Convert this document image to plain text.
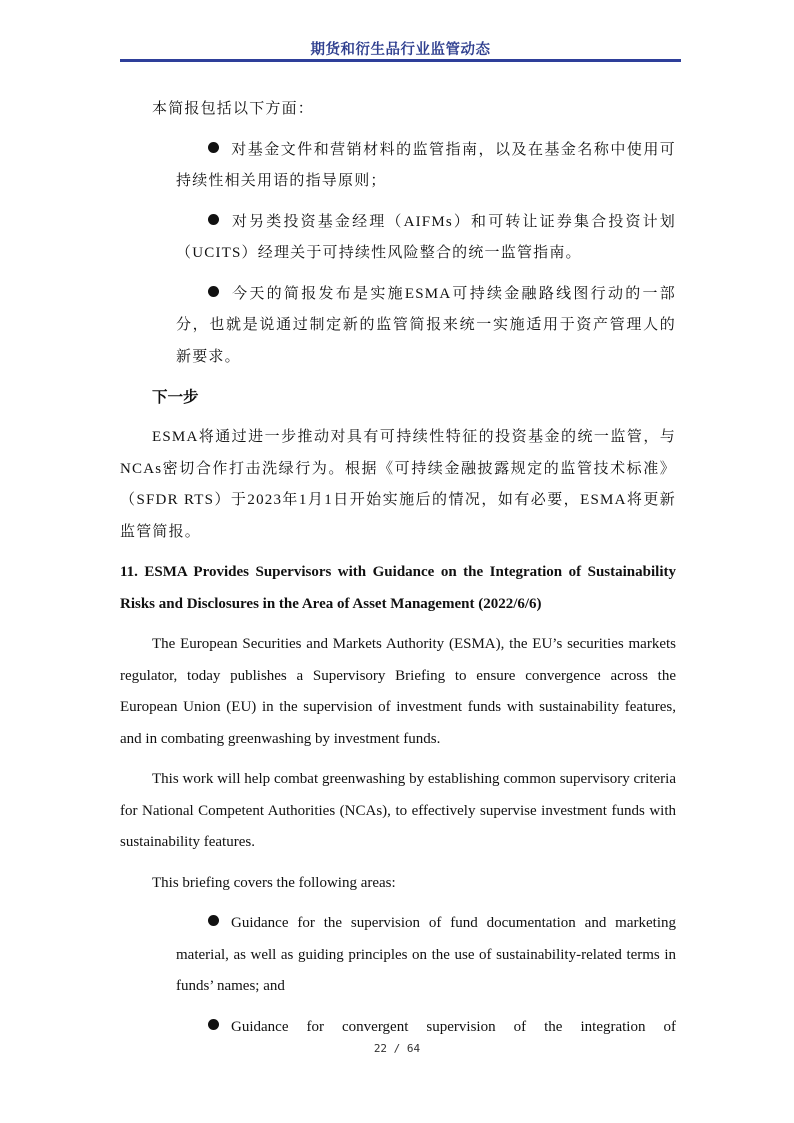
期货和衍生品行业监管动态

本简报包括以下方面：

对基金文件和营销材料的监管指南，以及在基金名称中使用可持续性相关用语的指导原则；

对另类投资基金经理（AIFMs）和可转让证券集合投资计划（UCITS）经理关于可持续性风险整合的统一监管指南。

今天的简报发布是实施ESMA可持续金融路线图行动的一部分，也就是说通过制定新的监管简报来统一实施适用于资产管理人的新要求。

下一步

ESMA将通过进一步推动对具有可持续性特征的投资基金的统一监管，与NCAs密切合作打击洗绿行为。根据《可持续金融披露规定的监管技术标准》（SFDR RTS）于2023年1月1日开始实施后的情况，如有必要，ESMA将更新监管简报。

11. ESMA Provides Supervisors with Guidance on the Integration of Sustainability Risks and Disclosures in the Area of Asset Management (2022/6/6)

The European Securities and Markets Authority (ESMA), the EU’s securities markets regulator, today publishes a Supervisory Briefing to ensure convergence across the European Union (EU) in the supervision of investment funds with sustainability features, and in combating greenwashing by investment funds.

This work will help combat greenwashing by establishing common supervisory criteria for National Competent Authorities (NCAs), to effectively supervise investment funds with sustainability features.

This briefing covers the following areas:

Guidance for the supervision of fund documentation and marketing material, as well as guiding principles on the use of sustainability-related terms in funds’ names; and

Guidance for convergent supervision of the integration of

22 / 64
